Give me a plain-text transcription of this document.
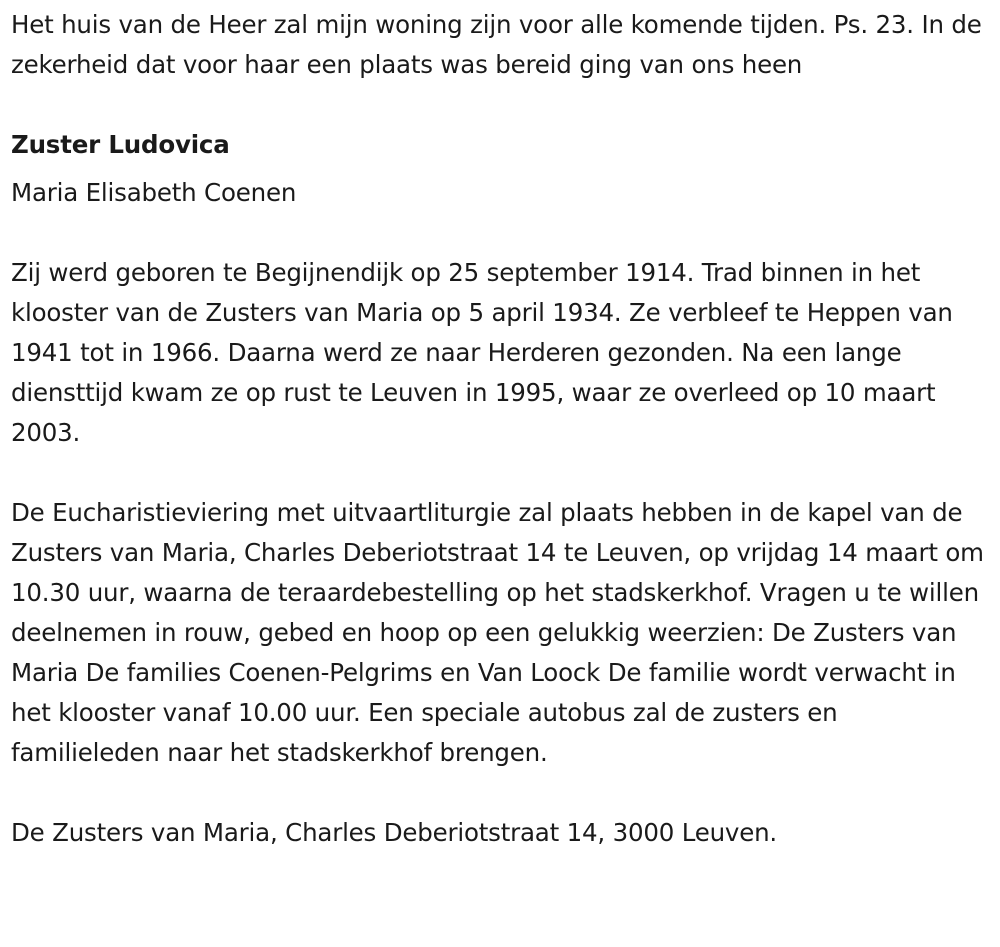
Het huis van de Heer zal mijn woning zijn voor alle komende tijden. Ps. 23. In de zekerheid dat voor haar een plaats was bereid ging van ons heen

Zuster Ludovica

Maria Elisabeth Coenen

Zij werd geboren te Begijnendijk op 25 september 1914. Trad binnen in het klooster van de Zusters van Maria op 5 april 1934. Ze verbleef te Heppen van 1941 tot in 1966. Daarna werd ze naar Herderen gezonden. Na een lange diensttijd kwam ze op rust te Leuven in 1995, waar ze overleed op 10 maart 2003.

De Eucharistieviering met uitvaartliturgie zal plaats hebben in de kapel van de Zusters van Maria, Charles Deberiotstraat 14 te Leuven, op vrijdag 14 maart om 10.30 uur, waarna de teraardebestelling op het stadskerkhof. Vragen u te willen deelnemen in rouw, gebed en hoop op een gelukkig weerzien: De Zusters van Maria De families Coenen-Pelgrims en Van Loock De familie wordt verwacht in het klooster vanaf 10.00 uur. Een speciale autobus zal de zusters en familieleden naar het stadskerkhof brengen.

De Zusters van Maria, Charles Deberiotstraat 14, 3000 Leuven.
